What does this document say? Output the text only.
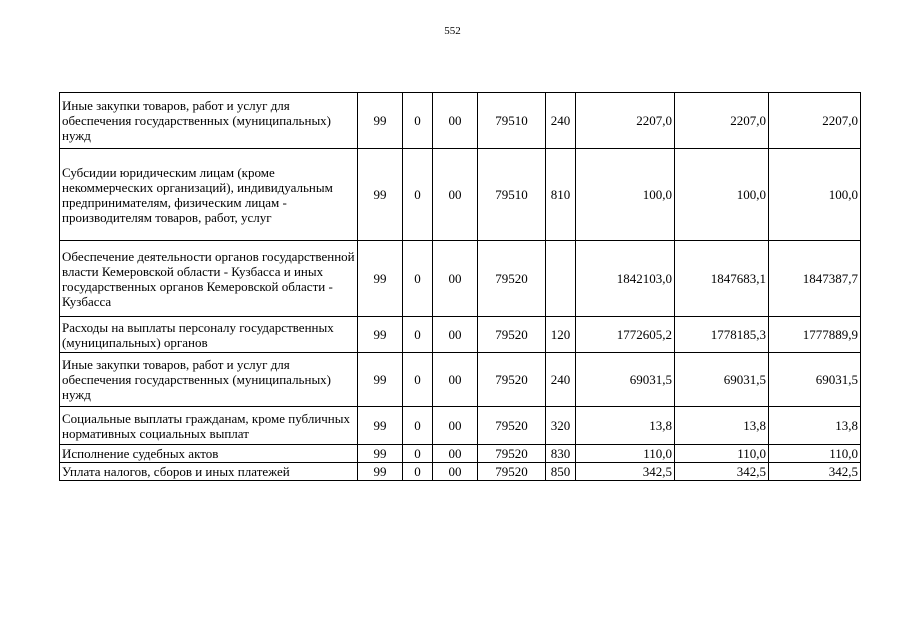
552
Иные закупки товаров, работ и услуг для обеспечения государственных (муниципальных) нужд	99	0	00	79510	240	2207,0	2207,0	2207,0
Субсидии юридическим лицам (кроме некоммерческих организаций), индивидуальным предпринимателям, физическим лицам - производителям товаров, работ, услуг	99	0	00	79510	810	100,0	100,0	100,0
Обеспечение деятельности органов государственной власти Кемеровской области - Кузбасса и иных государственных органов Кемеровской области - Кузбасса	99	0	00	79520		1842103,0	1847683,1	1847387,7
Расходы на выплаты персоналу государственных (муниципальных) органов	99	0	00	79520	120	1772605,2	1778185,3	1777889,9
Иные закупки товаров, работ и услуг для обеспечения государственных (муниципальных) нужд	99	0	00	79520	240	69031,5	69031,5	69031,5
Социальные выплаты гражданам, кроме публичных нормативных социальных выплат	99	0	00	79520	320	13,8	13,8	13,8
Исполнение судебных актов	99	0	00	79520	830	110,0	110,0	110,0
Уплата налогов, сборов и иных платежей	99	0	00	79520	850	342,5	342,5	342,5
